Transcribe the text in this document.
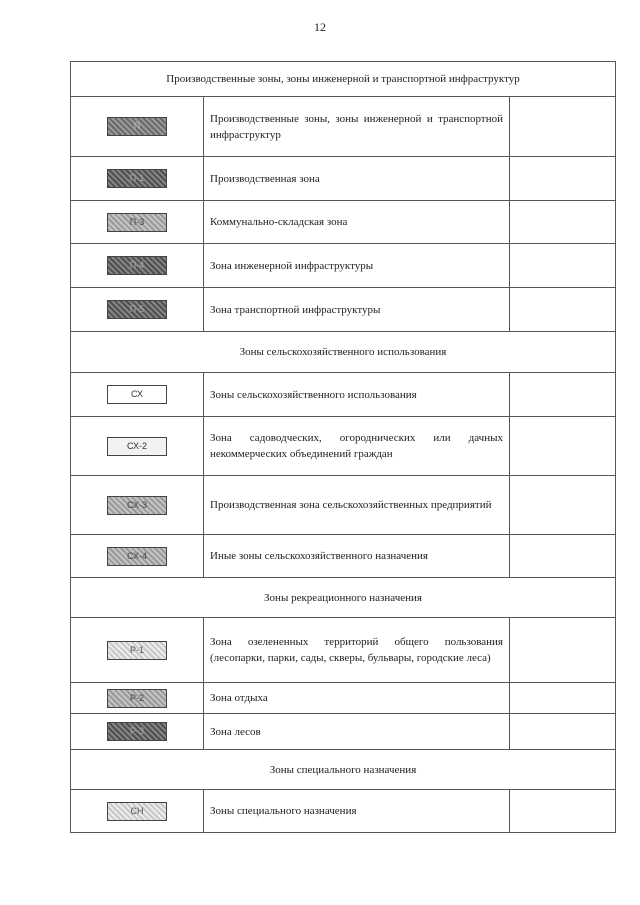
12
Производственные зоны, зоны инженерной и транспортной инфраструктур		
П	Производственные зоны, зоны инженерной и транспортной инфраструктур	
П-1	Производственная зона	
П-3	Коммунально-складская зона	
П-4	Зона инженерной инфраструктуры	
П-5	Зона транспортной инфраструктуры	
Зоны сельскохозяйственного использования		
СХ	Зоны сельскохозяйственного использования	
СХ-2	Зона садоводческих, огороднических или дачных некоммерческих объединений граждан	
СХ-3	Производственная зона сельскохозяйственных предприятий	
СХ-4	Иные зоны сельскохозяйственного назначения	
Зоны рекреационного назначения		
Р-1	Зона озелененных территорий общего пользования (лесопарки, парки, сады, скверы, бульвары, городские леса)	
Р-2	Зона отдыха	
Р-3	Зона лесов	
Зоны специального назначения		
СН	Зоны специального назначения	
